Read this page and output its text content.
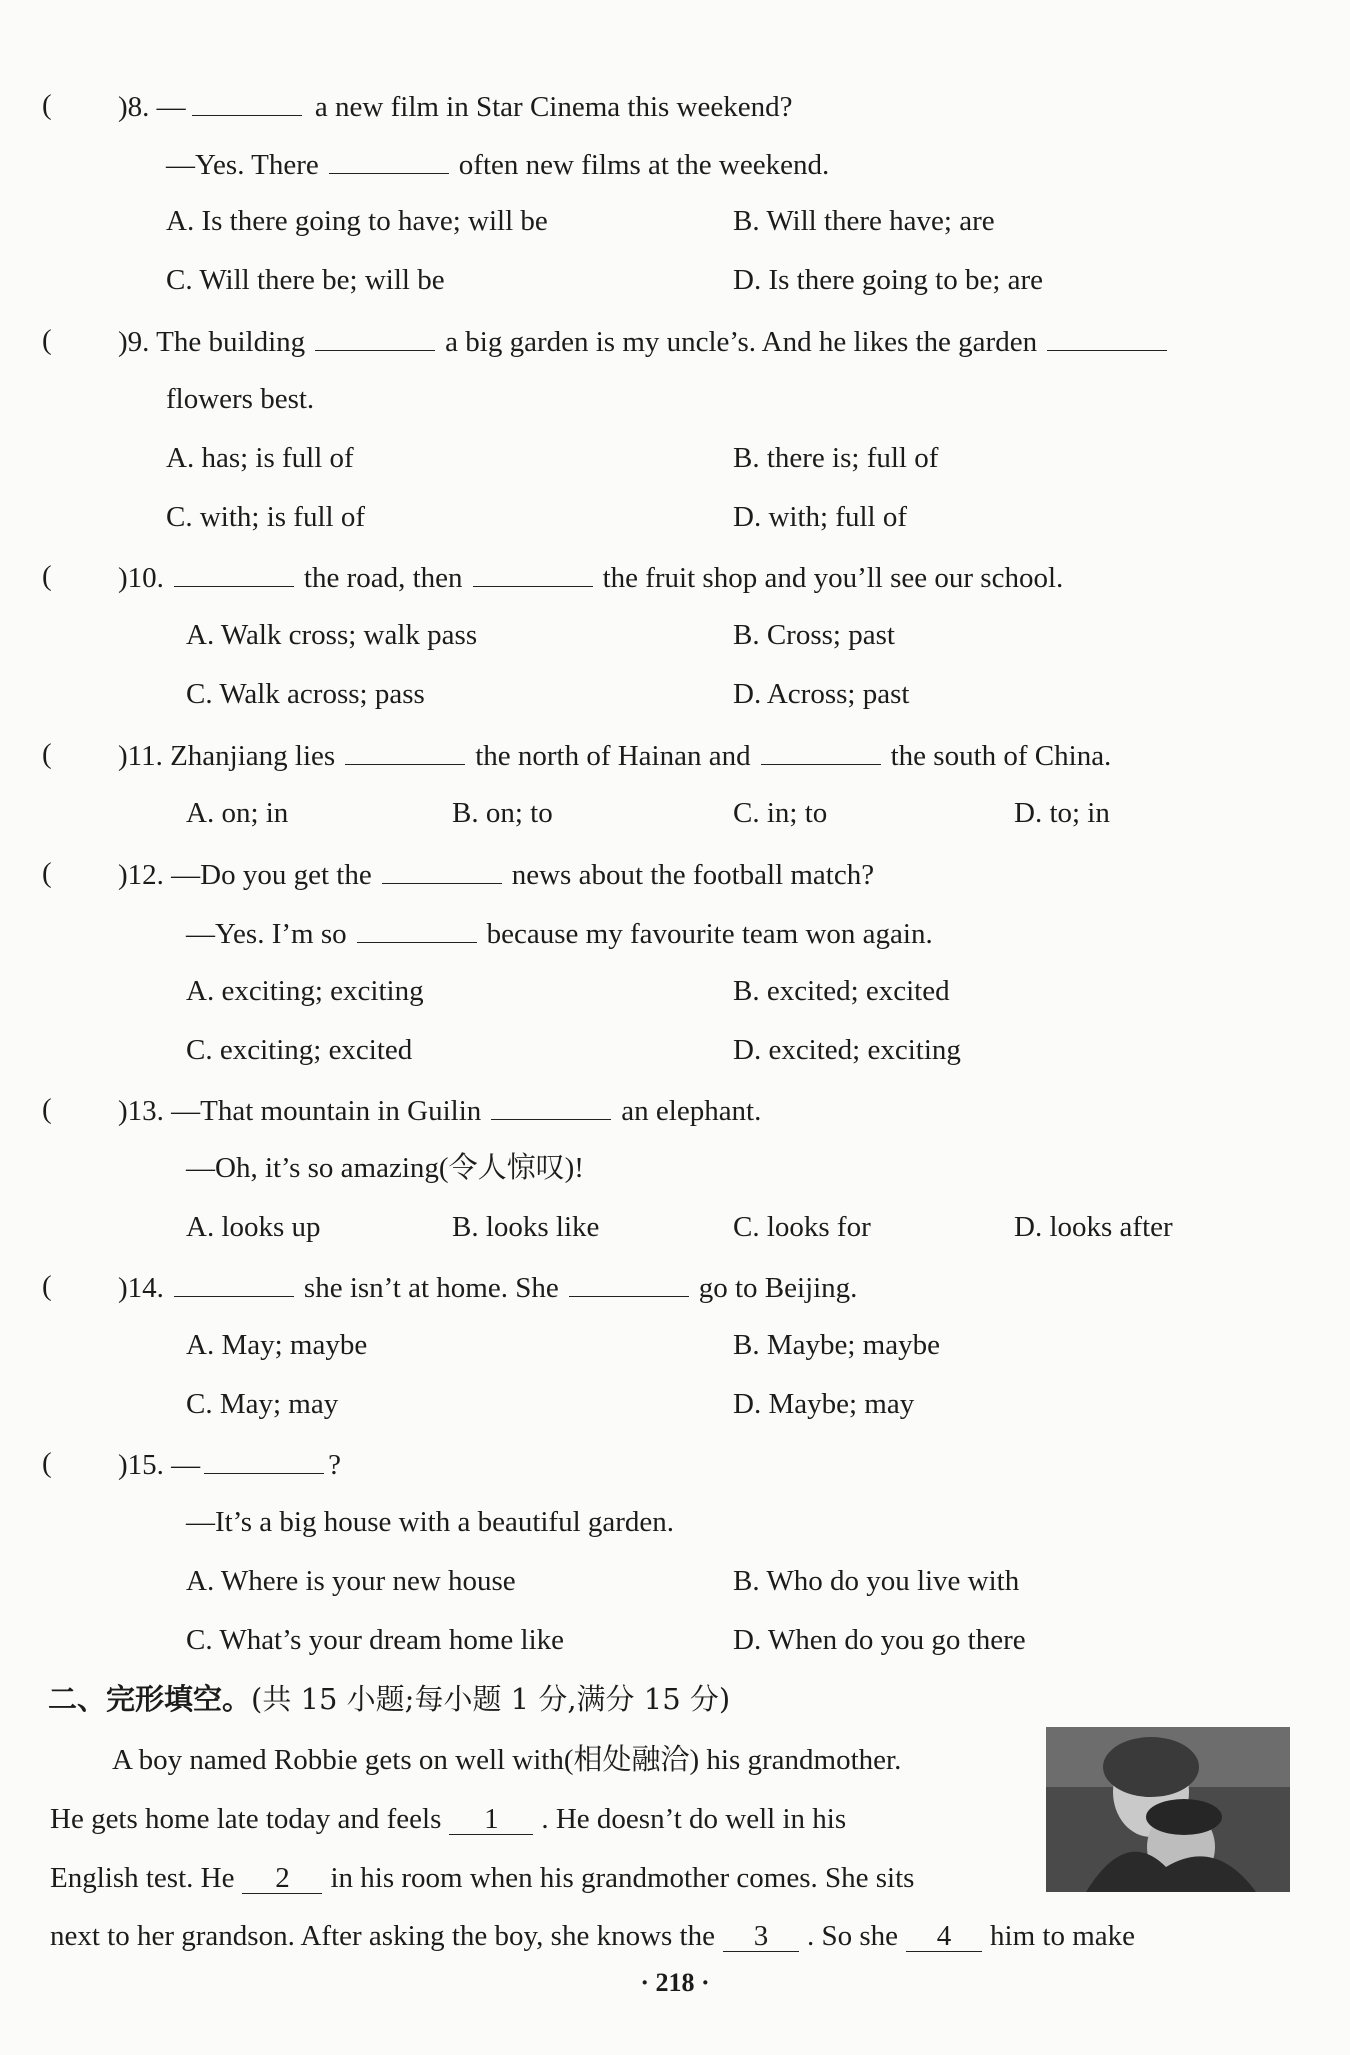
( )8. —	a new film in Star Cinema this weekend?
—Yes. There	often new films at the weekend.
A. Is there going to have; will be	B. Will there have; are
C. Will there be; will be	D. Is there going to be; are
( )9. The building	a big garden is my uncle’s. And he likes the garden
flowers best.
A. has; is full of	B. there is; full of
C. with; is full of	D. with; full of
( )10.	the road, then	the fruit shop and you’ll see our school.
A. Walk cross; walk pass	B. Cross; past
C. Walk across; pass	D. Across; past
( )11. Zhanjiang lies	the north of Hainan and	the south of China.
A. on; in	B. on; to	C. in; to	D. to; in
( )12. —Do you get the	news about the football match?
—Yes. I’m so	because my favourite team won again.
A. exciting; exciting	B. excited; excited
C. exciting; excited	D. excited; exciting
( )13. —That mountain in Guilin	an elephant.
—Oh, it’s so amazing(令人惊叹)!
A. looks up	B. looks like	C. looks for	D. looks after
( )14.	she isn’t at home. She	go to Beijing.
A. May; maybe	B. Maybe; maybe
C. May; may	D. Maybe; may
( )15. —	?
—It’s a big house with a beautiful garden.
A. Where is your new house	B. Who do you live with
C. What’s your dream home like	D. When do you go there
二、完形填空。(共 15 小题;每小题 1 分,满分 15 分)
A boy named Robbie gets on well with(相处融洽) his grandmother.
He gets home late today and feels 1 . He doesn’t do well in his
English test. He 2 in his room when his grandmother comes. She sits
next to her grandson. After asking the boy, she knows the 3 . So she 4 him to make
· 218 ·
